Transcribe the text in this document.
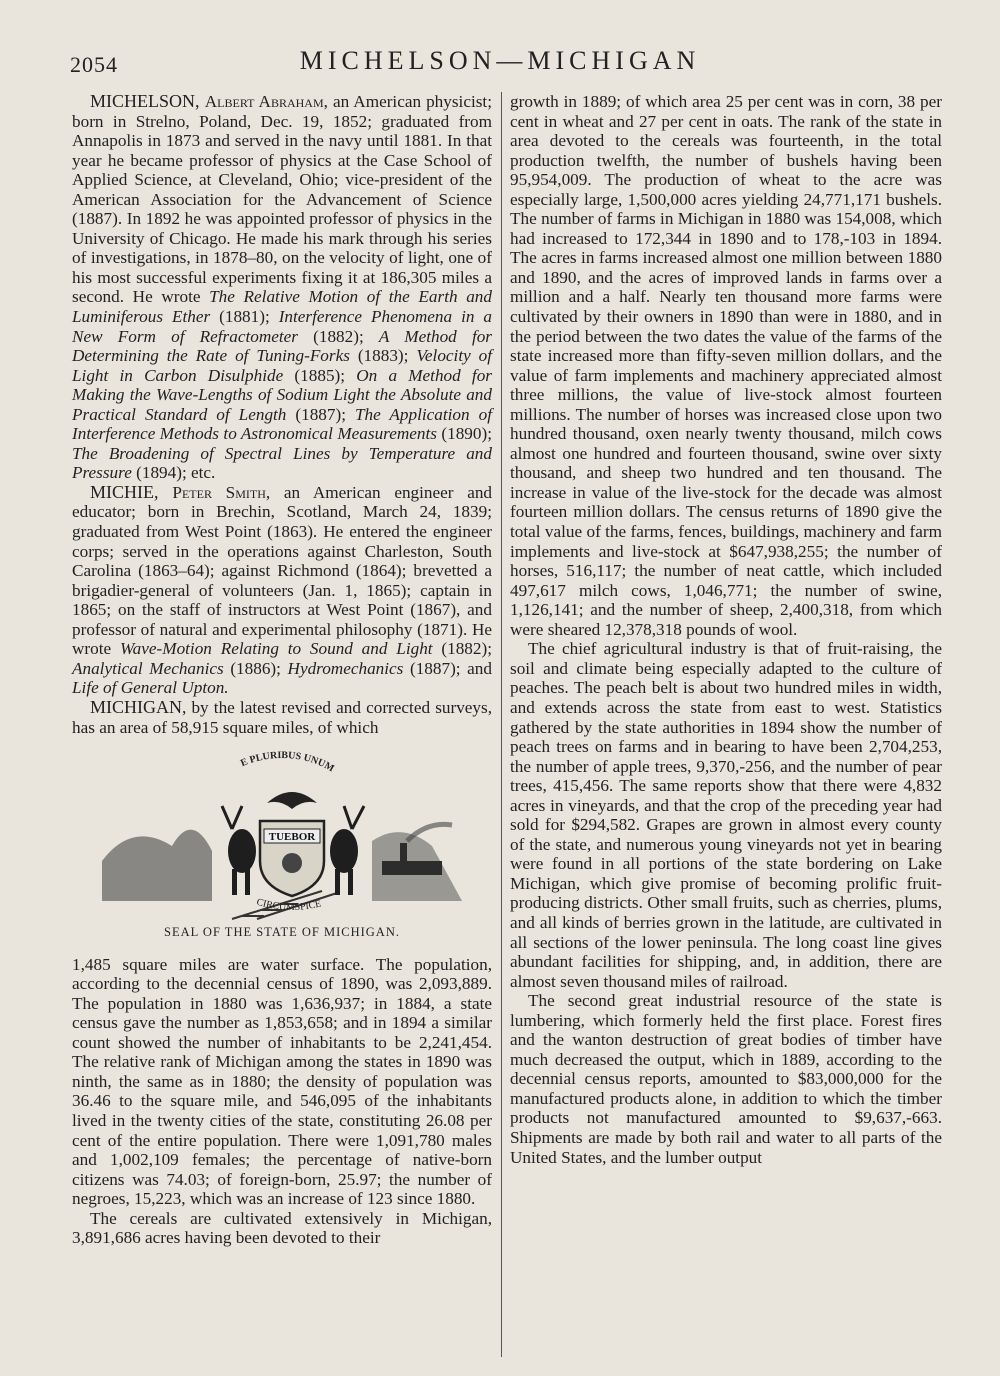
2054	MICHELSON—MICHIGAN

MICHELSON, Albert Abraham, an American physicist; born in Strelno, Poland, Dec. 19, 1852; graduated from Annapolis in 1873 and served in the navy until 1881. In that year he became professor of physics at the Case School of Applied Science, at Cleveland, Ohio; vice-president of the American Association for the Advancement of Science (1887). In 1892 he was appointed professor of physics in the University of Chicago. He made his mark through his series of investigations, in 1878–80, on the velocity of light, one of his most successful experiments fixing it at 186,305 miles a second. He wrote The Relative Motion of the Earth and Luminiferous Ether (1881); Interference Phenomena in a New Form of Refractometer (1882); A Method for Determining the Rate of Tuning-Forks (1883); Velocity of Light in Carbon Disulphide (1885); On a Method for Making the Wave-Lengths of Sodium Light the Absolute and Practical Standard of Length (1887); The Application of Interference Methods to Astronomical Measurements (1890); The Broadening of Spectral Lines by Temperature and Pressure (1894); etc.

MICHIE, Peter Smith, an American engineer and educator; born in Brechin, Scotland, March 24, 1839; graduated from West Point (1863). He entered the engineer corps; served in the operations against Charleston, South Carolina (1863–64); against Richmond (1864); brevetted a brigadier-general of volunteers (Jan. 1, 1865); captain in 1865; on the staff of instructors at West Point (1867), and professor of natural and experimental philosophy (1871). He wrote Wave-Motion Relating to Sound and Light (1882); Analytical Mechanics (1886); Hydromechanics (1887); and Life of General Upton.

MICHIGAN, by the latest revised and corrected surveys, has an area of 58,915 square miles, of which

E PLURIBUS UNUM
TUEBOR
CIRCUMSPICE
SEAL OF THE STATE OF MICHIGAN.

1,485 square miles are water surface. The population, according to the decennial census of 1890, was 2,093,889. The population in 1880 was 1,636,937; in 1884, a state census gave the number as 1,853,658; and in 1894 a similar count showed the number of inhabitants to be 2,241,454. The relative rank of Michigan among the states in 1890 was ninth, the same as in 1880; the density of population was 36.46 to the square mile, and 546,095 of the inhabitants lived in the twenty cities of the state, constituting 26.08 per cent of the entire population. There were 1,091,780 males and 1,002,109 females; the percentage of native-born citizens was 74.03; of foreign-born, 25.97; the number of negroes, 15,223, which was an increase of 123 since 1880.

The cereals are cultivated extensively in Michigan, 3,891,686 acres having been devoted to their

growth in 1889; of which area 25 per cent was in corn, 38 per cent in wheat and 27 per cent in oats. The rank of the state in area devoted to the cereals was fourteenth, in the total production twelfth, the number of bushels having been 95,954,009. The production of wheat to the acre was especially large, 1,500,000 acres yielding 24,771,171 bushels. The number of farms in Michigan in 1880 was 154,008, which had increased to 172,344 in 1890 and to 178,-103 in 1894. The acres in farms increased almost one million between 1880 and 1890, and the acres of improved lands in farms over a million and a half. Nearly ten thousand more farms were cultivated by their owners in 1890 than were in 1880, and in the period between the two dates the value of the farms of the state increased more than fifty-seven million dollars, and the value of farm implements and machinery appreciated almost three millions, the value of live-stock almost fourteen millions. The number of horses was increased close upon two hundred thousand, oxen nearly twenty thousand, milch cows almost one hundred and fourteen thousand, swine over sixty thousand, and sheep two hundred and ten thousand. The increase in value of the live-stock for the decade was almost fourteen million dollars. The census returns of 1890 give the total value of the farms, fences, buildings, machinery and farm implements and live-stock at $647,938,255; the number of horses, 516,117; the number of neat cattle, which included 497,617 milch cows, 1,046,771; the number of swine, 1,126,141; and the number of sheep, 2,400,318, from which were sheared 12,378,318 pounds of wool.

The chief agricultural industry is that of fruit-raising, the soil and climate being especially adapted to the culture of peaches. The peach belt is about two hundred miles in width, and extends across the state from east to west. Statistics gathered by the state authorities in 1894 show the number of peach trees on farms and in bearing to have been 2,704,253, the number of apple trees, 9,370,-256, and the number of pear trees, 415,456. The same reports show that there were 4,832 acres in vineyards, and that the crop of the preceding year had sold for $294,582. Grapes are grown in almost every county of the state, and numerous young vineyards not yet in bearing were found in all portions of the state bordering on Lake Michigan, which give promise of becoming prolific fruit-producing districts. Other small fruits, such as cherries, plums, and all kinds of berries grown in the latitude, are cultivated in all sections of the lower peninsula. The long coast line gives abundant facilities for shipping, and, in addition, there are almost seven thousand miles of railroad.

The second great industrial resource of the state is lumbering, which formerly held the first place. Forest fires and the wanton destruction of great bodies of timber have much decreased the output, which in 1889, according to the decennial census reports, amounted to $83,000,000 for the manufactured products alone, in addition to which the timber products not manufactured amounted to $9,637,-663. Shipments are made by both rail and water to all parts of the United States, and the lumber output
